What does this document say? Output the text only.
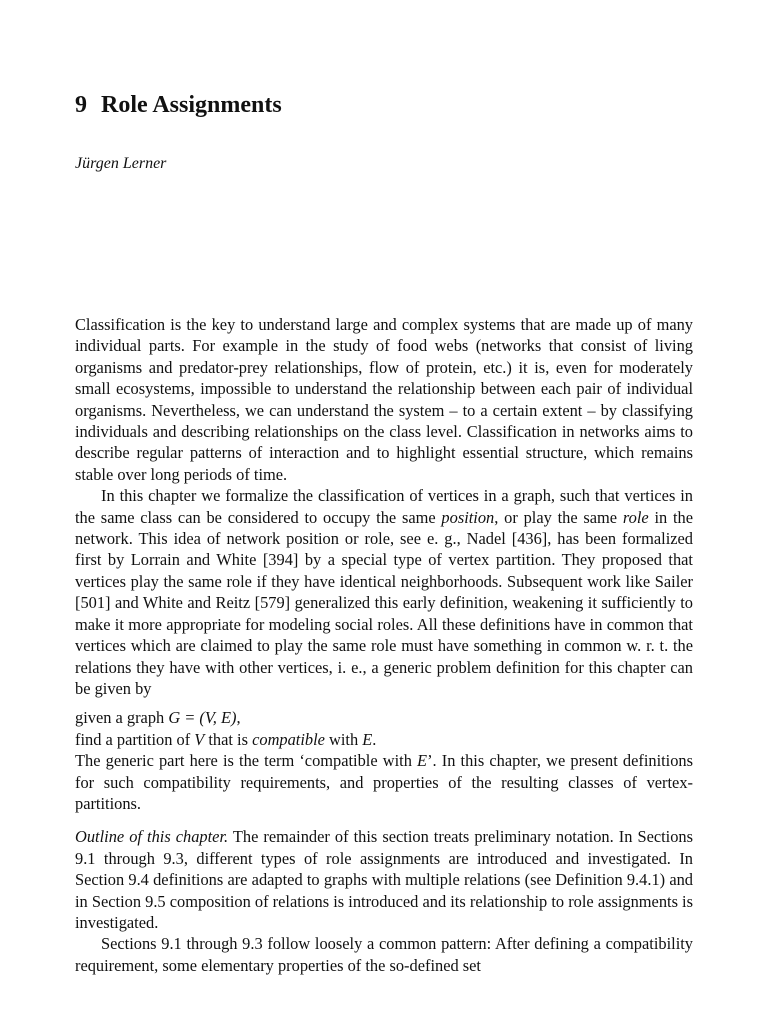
9 Role Assignments
Jürgen Lerner

Classification is the key to understand large and complex systems that are made up of many individual parts. For example in the study of food webs (networks that consist of living organisms and predator-prey relationships, flow of protein, etc.) it is, even for moderately small ecosystems, impossible to understand the relationship between each pair of individual organisms. Nevertheless, we can understand the system – to a certain extent – by classifying individuals and describing relationships on the class level. Classification in networks aims to describe regular patterns of interaction and to highlight essential structure, which remains stable over long periods of time.

In this chapter we formalize the classification of vertices in a graph, such that vertices in the same class can be considered to occupy the same position, or play the same role in the network. This idea of network position or role, see e. g., Nadel [436], has been formalized first by Lorrain and White [394] by a special type of vertex partition. They proposed that vertices play the same role if they have identical neighborhoods. Subsequent work like Sailer [501] and White and Reitz [579] generalized this early definition, weakening it sufficiently to make it more appropriate for modeling social roles. All these definitions have in common that vertices which are claimed to play the same role must have something in common w. r. t. the relations they have with other vertices, i. e., a generic problem definition for this chapter can be given by

given a graph G = (V, E),
find a partition of V that is compatible with E.

The generic part here is the term ‘compatible with E’. In this chapter, we present definitions for such compatibility requirements, and properties of the resulting classes of vertex-partitions.

Outline of this chapter. The remainder of this section treats preliminary notation. In Sections 9.1 through 9.3, different types of role assignments are introduced and investigated. In Section 9.4 definitions are adapted to graphs with multiple relations (see Definition 9.4.1) and in Section 9.5 composition of relations is introduced and its relationship to role assignments is investigated.

Sections 9.1 through 9.3 follow loosely a common pattern: After defining a compatibility requirement, some elementary properties of the so-defined set
